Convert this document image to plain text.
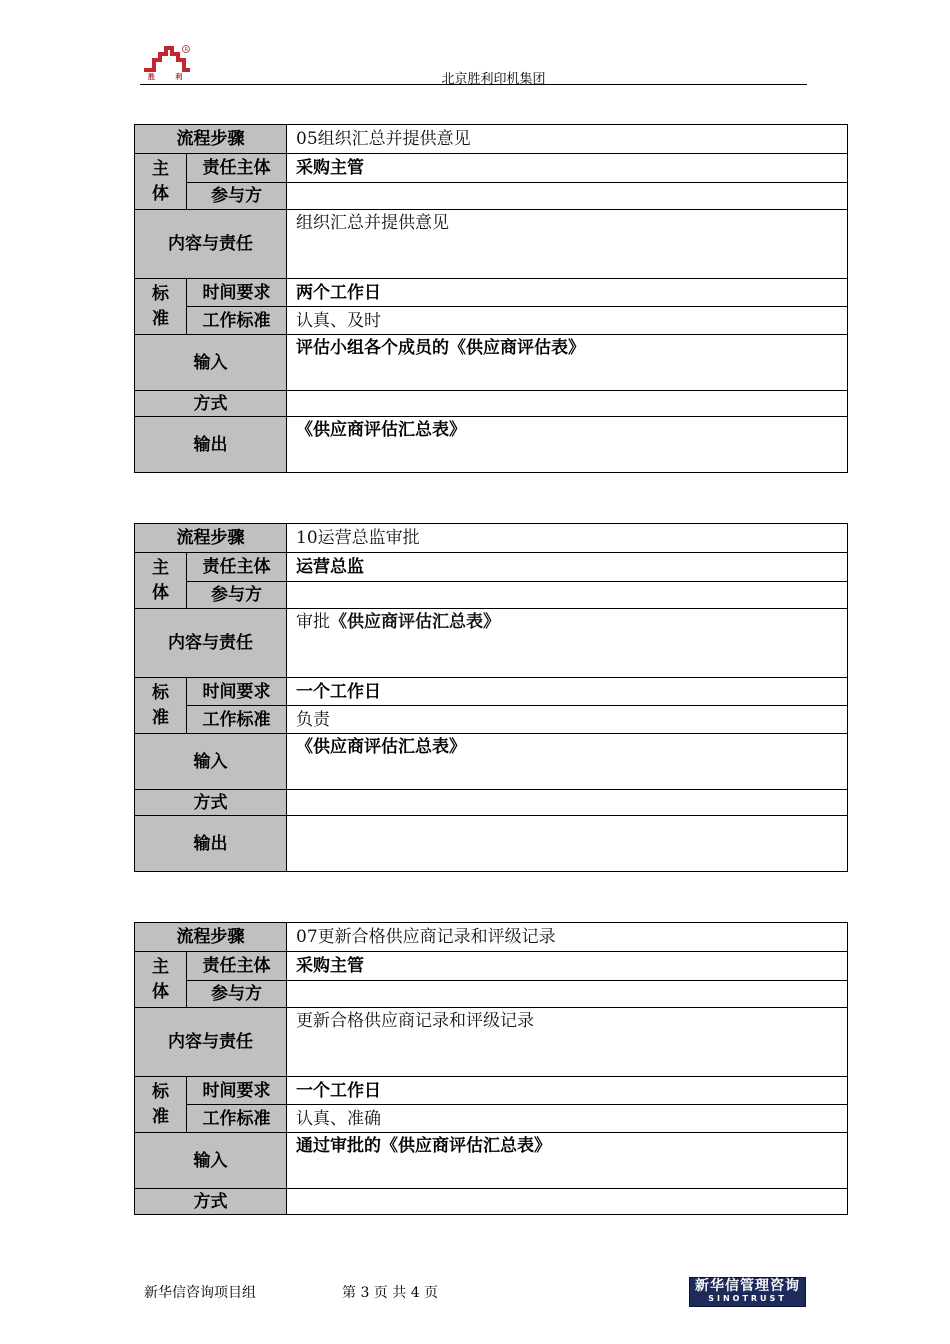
R
胜 利	北京胜利印机集团
流程步骤		05组织汇总并提供意见
主
体	责任主体	采购主管
	参与方	
内容与责任		组织汇总并提供意见
标
准	时间要求	两个工作日
	工作标准	认真、及时
输入		评估小组各个成员的《供应商评估表》
方式		
输出		《供应商评估汇总表》
流程步骤		10运营总监审批
主
体	责任主体	运营总监
	参与方	
内容与责任		审批《供应商评估汇总表》
标
准	时间要求	一个工作日
	工作标准	负责
输入		《供应商评估汇总表》
方式		
输出		
流程步骤		07更新合格供应商记录和评级记录
主
体	责任主体	采购主管
	参与方	
内容与责任		更新合格供应商记录和评级记录
标
准	时间要求	一个工作日
	工作标准	认真、准确
输入		通过审批的《供应商评估汇总表》
方式		
新华信咨询项目组	第 3 页 共 4 页	新华信管理咨询
SINOTRUST
